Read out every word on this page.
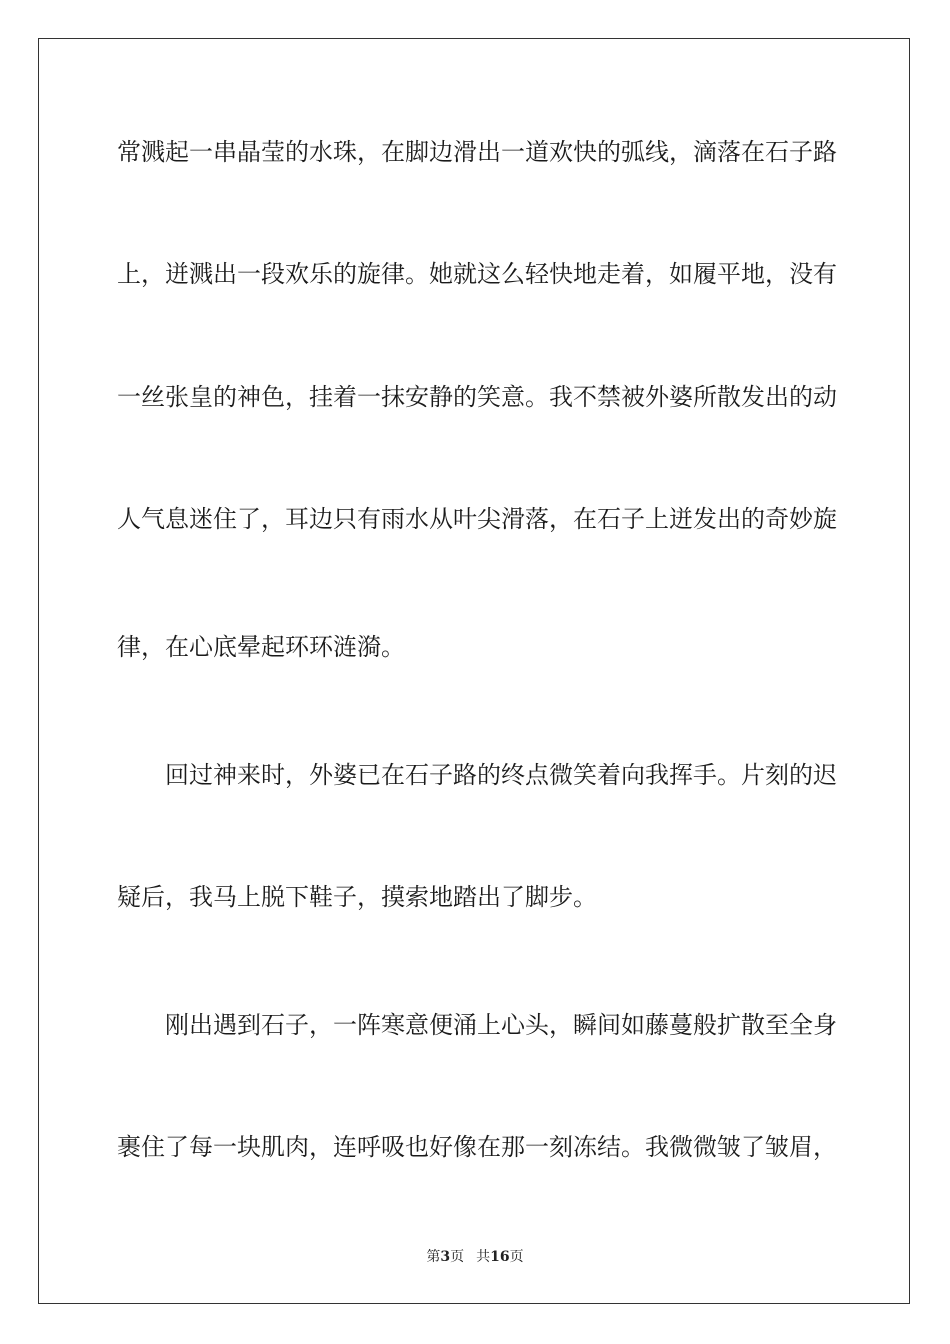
常溅起一串晶莹的水珠，在脚边滑出一道欢快的弧线，滴落在石子路
上，迸溅出一段欢乐的旋律。她就这么轻快地走着，如履平地，没有
一丝张皇的神色，挂着一抹安静的笑意。我不禁被外婆所散发出的动
人气息迷住了，耳边只有雨水从叶尖滑落，在石子上迸发出的奇妙旋
律，在心底晕起环环涟漪。
回过神来时，外婆已在石子路的终点微笑着向我挥手。片刻的迟
疑后，我马上脱下鞋子，摸索地踏出了脚步。
刚出遇到石子，一阵寒意便涌上心头，瞬间如藤蔓般扩散至全身
裹住了每一块肌肉，连呼吸也好像在那一刻冻结。我微微皱了皱眉，
第3页 共16页
